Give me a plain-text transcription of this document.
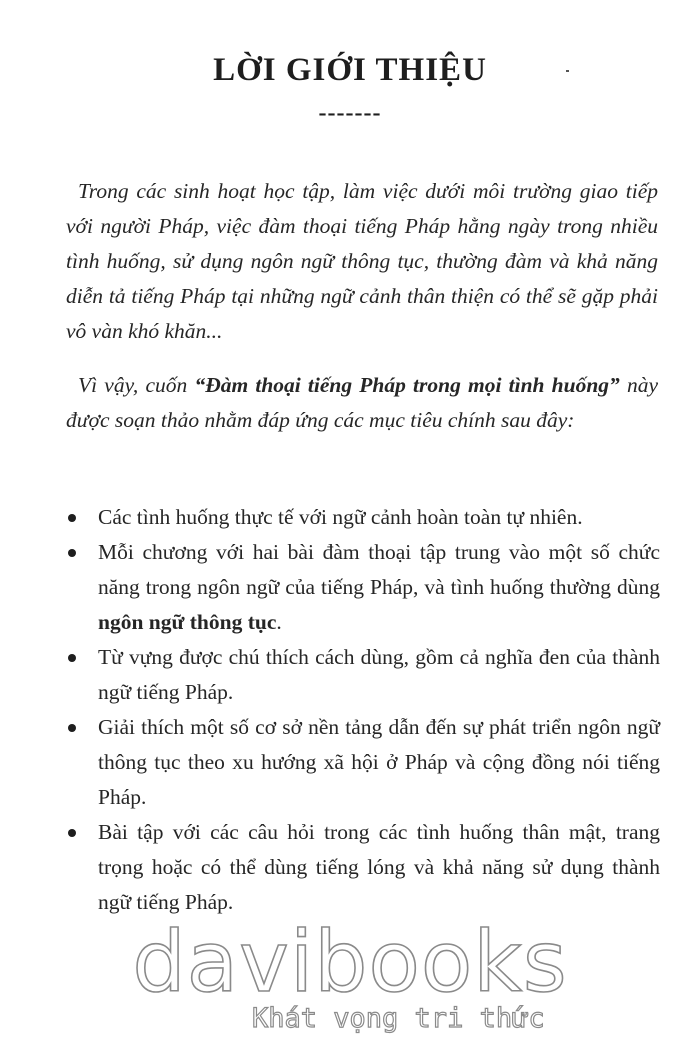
LỜI GIỚI THIỆU
-------

Trong các sinh hoạt học tập, làm việc dưới môi trường giao tiếp với người Pháp, việc đàm thoại tiếng Pháp hằng ngày trong nhiều tình huống, sử dụng ngôn ngữ thông tục, thường đàm và khả năng diễn tả tiếng Pháp tại những ngữ cảnh thân thiện có thể sẽ gặp phải vô vàn khó khăn...

Vì vậy, cuốn “Đàm thoại tiếng Pháp trong mọi tình huống” này được soạn thảo nhằm đáp ứng các mục tiêu chính sau đây:

Các tình huống thực tế với ngữ cảnh hoàn toàn tự nhiên.
Mỗi chương với hai bài đàm thoại tập trung vào một số chức năng trong ngôn ngữ của tiếng Pháp, và tình huống thường dùng ngôn ngữ thông tục.
Từ vựng được chú thích cách dùng, gồm cả nghĩa đen của thành ngữ tiếng Pháp.
Giải thích một số cơ sở nền tảng dẫn đến sự phát triển ngôn ngữ thông tục theo xu hướng xã hội ở Pháp và cộng đồng nói tiếng Pháp.
Bài tập với các câu hỏi trong các tình huống thân mật, trang trọng hoặc có thể dùng tiếng lóng và khả năng sử dụng thành ngữ tiếng Pháp.
davibooks
Khát vọng tri thức
